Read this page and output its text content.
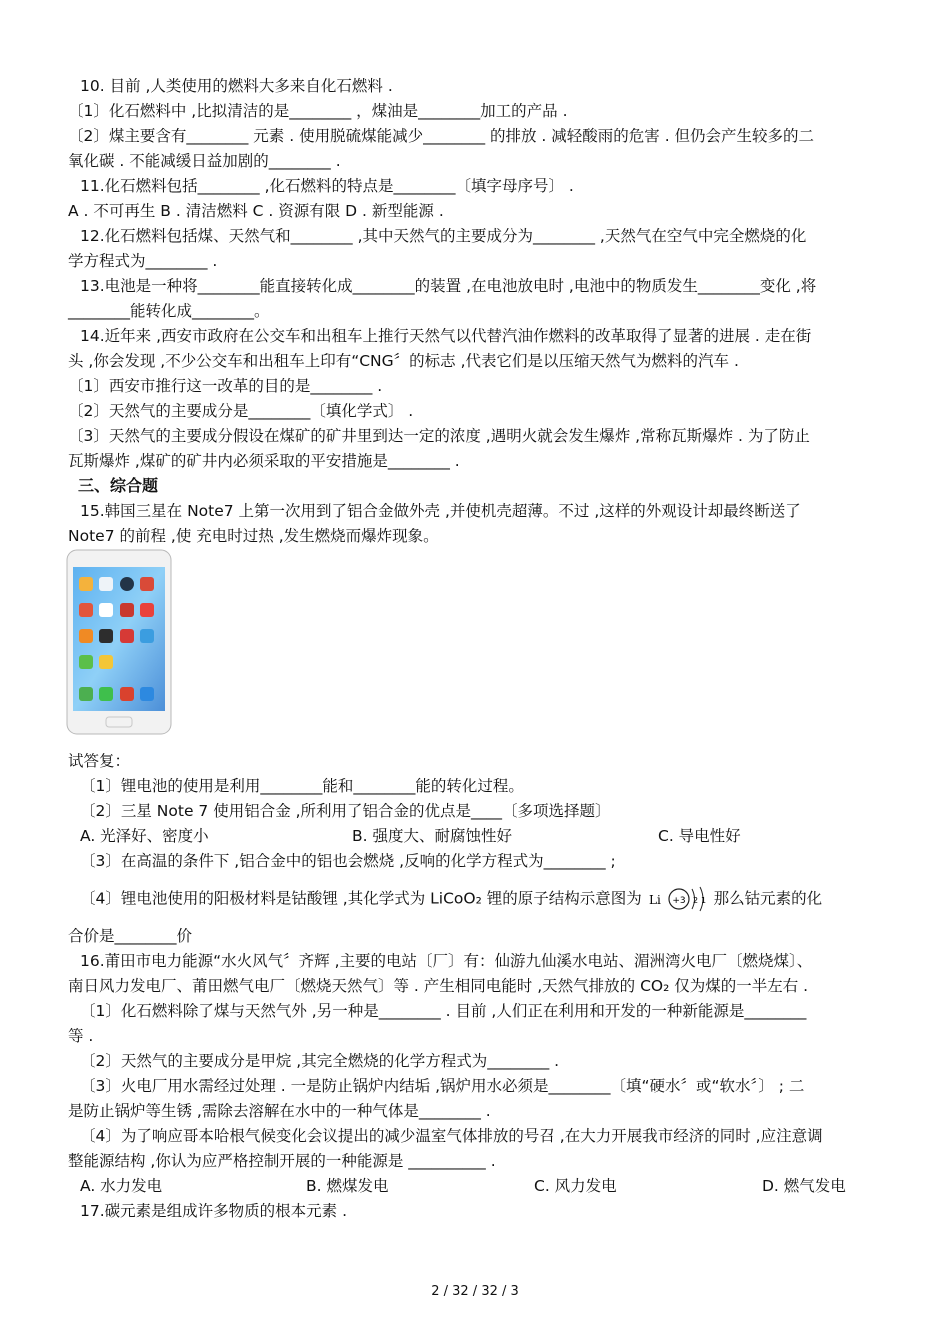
10. 目前 ,人类使用的燃料大多来自化石燃料 .
〔1〕化石燃料中 ,比拟清洁的是________ ，煤油是________加工的产品 .
〔2〕煤主要含有________ 元素 . 使用脱硫煤能减少________ 的排放 . 减轻酸雨的危害 . 但仍会产生较多的二
氧化碳 . 不能减缓日益加剧的________ .
11.化石燃料包括________ ,化石燃料的特点是________〔填字母序号〕 .
A . 不可再生 B . 清洁燃料 C . 资源有限 D . 新型能源 .
12.化石燃料包括煤、天然气和________ ,其中天然气的主要成分为________ ,天然气在空气中完全燃烧的化
学方程式为________ .
13.电池是一种将________能直接转化成________的装置 ,在电池放电时 ,电池中的物质发生________变化 ,将
________能转化成________。
14.近年来 ,西安市政府在公交车和出租车上推行天然气以代替汽油作燃料的改革取得了显著的进展 . 走在街
头 ,你会发现 ,不少公交车和出租车上印有“CNG〞的标志 ,代表它们是以压缩天然气为燃料的汽车 .
〔1〕西安市推行这一改革的目的是________ .
〔2〕天然气的主要成分是________〔填化学式〕 .
〔3〕天然气的主要成分假设在煤矿的矿井里到达一定的浓度 ,遇明火就会发生爆炸 ,常称瓦斯爆炸 . 为了防止
瓦斯爆炸 ,煤矿的矿井内必须采取的平安措施是________ .
三、综合题
15.韩国三星在 Note7 上第一次用到了铝合金做外壳 ,并使机壳超薄。不过 ,这样的外观设计却最终断送了
Note7 的前程 ,使 充电时过热 ,发生燃烧而爆炸现象。
试答复：
〔1〕锂电池的使用是利用________能和________能的转化过程。
〔2〕三星 Note 7 使用铝合金 ,所利用了铝合金的优点是____〔多项选择题〕
A. 光泽好、密度小	B. 强度大、耐腐蚀性好	C. 导电性好
〔3〕在高温的条件下 ,铝合金中的铝也会燃烧 ,反响的化学方程式为________ ;
〔4〕锂电池使用的阳极材料是钴酸锂 ,其化学式为 LiCoO₂ 锂的原子结构示意图为 Li +3 2 1 那么钴元素的化
合价是________价
16.莆田市电力能源“水火风气〞齐辉 ,主要的电站〔厂〕有：仙游九仙溪水电站、湄洲湾火电厂〔燃烧煤〕、
南日风力发电厂、莆田燃气电厂〔燃烧天然气〕等 . 产生相同电能时 ,天然气排放的 CO₂ 仅为煤的一半左右 .
〔1〕化石燃料除了煤与天然气外 ,另一种是________ . 目前 ,人们正在利用和开发的一种新能源是________
等 .
〔2〕天然气的主要成分是甲烷 ,其完全燃烧的化学方程式为________ .
〔3〕火电厂用水需经过处理 . 一是防止锅炉内结垢 ,锅炉用水必须是________〔填“硬水〞或“软水〞〕 ; 二
是防止锅炉等生锈 ,需除去溶解在水中的一种气体是________ .
〔4〕为了响应哥本哈根气候变化会议提出的减少温室气体排放的号召 ,在大力开展我市经济的同时 ,应注意调
整能源结构 ,你认为应严格控制开展的一种能源是 __________ .
A. 水力发电	B. 燃煤发电	C. 风力发电	D. 燃气发电
17.碳元素是组成许多物质的根本元素 .
2 / 32 / 32 / 3
